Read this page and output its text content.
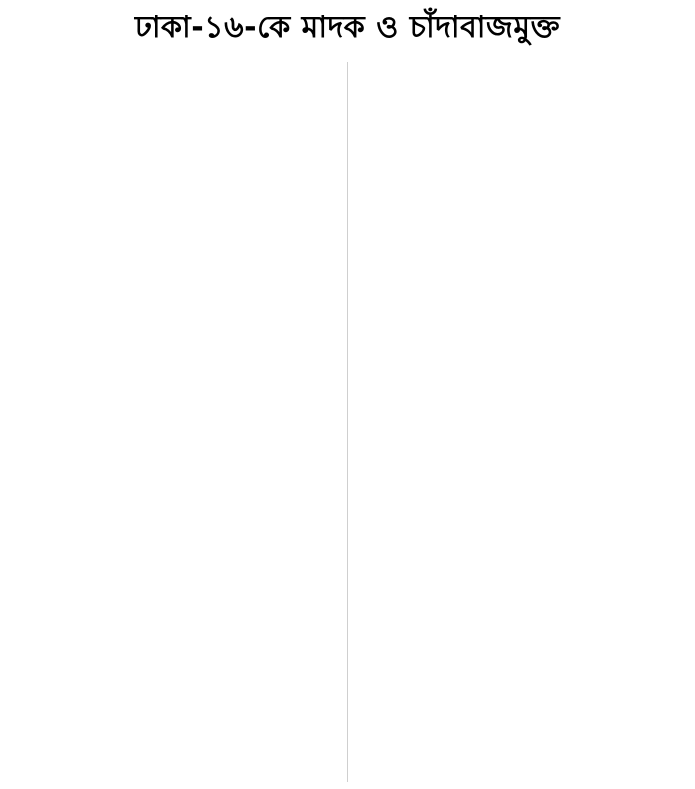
ঢাকা-১৬-কে মাদক ও চাঁদাবাজমুক্ত
